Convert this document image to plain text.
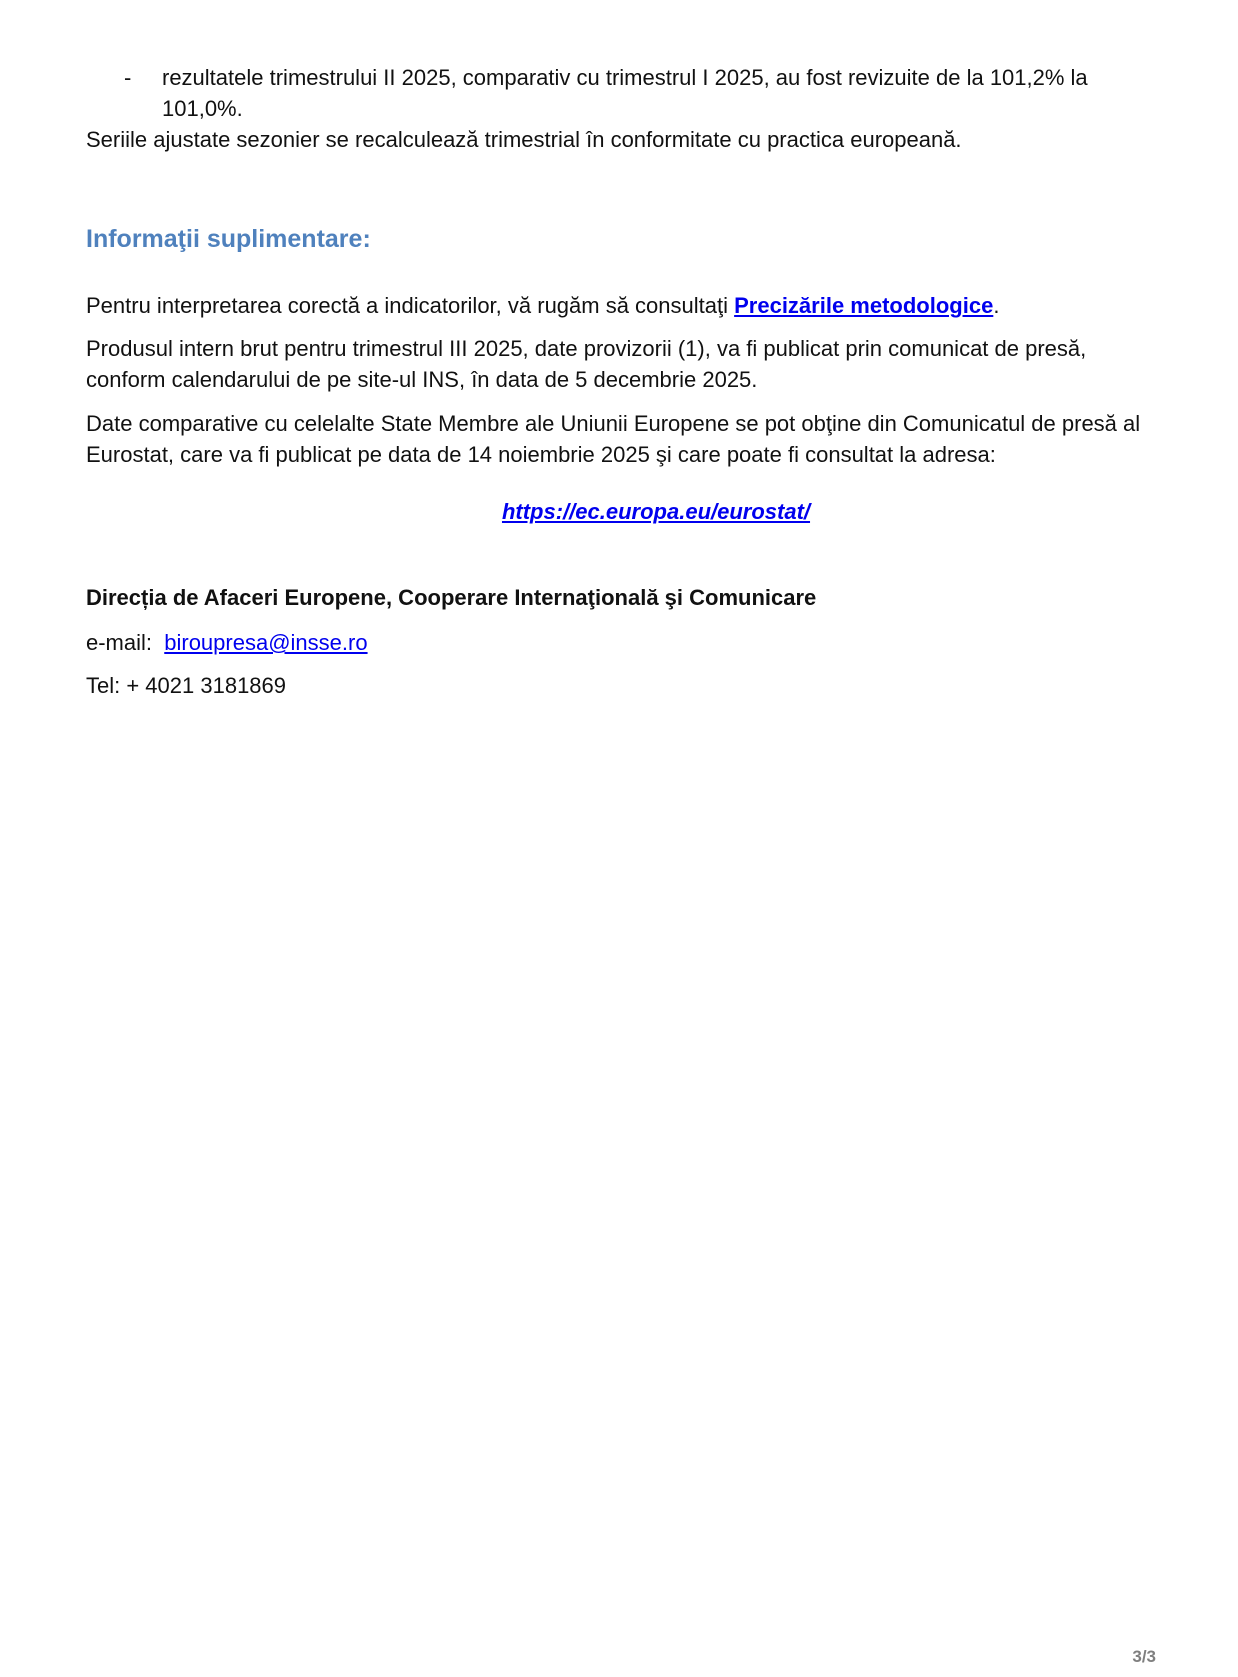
- rezultatele trimestrului II 2025, comparativ cu trimestrul I 2025, au fost revizuite de la 101,2% la 101,0%.

Seriile ajustate sezonier se recalculează trimestrial în conformitate cu practica europeană.

Informaţii suplimentare:

Pentru interpretarea corectă a indicatorilor, vă rugăm să consultaţi Precizările metodologice.

Produsul intern brut pentru trimestrul III 2025, date provizorii (1), va fi publicat prin comunicat de presă, conform calendarului de pe site-ul INS, în data de 5 decembrie 2025.

Date comparative cu celelalte State Membre ale Uniunii Europene se pot obţine din Comunicatul de presă al Eurostat, care va fi publicat pe data de 14 noiembrie 2025 şi care poate fi consultat la adresa:

https://ec.europa.eu/eurostat/
Direcția de Afaceri Europene, Cooperare Internaţională şi Comunicare
e-mail: biroupresa@insse.ro
Tel: + 4021 3181869
3/3
